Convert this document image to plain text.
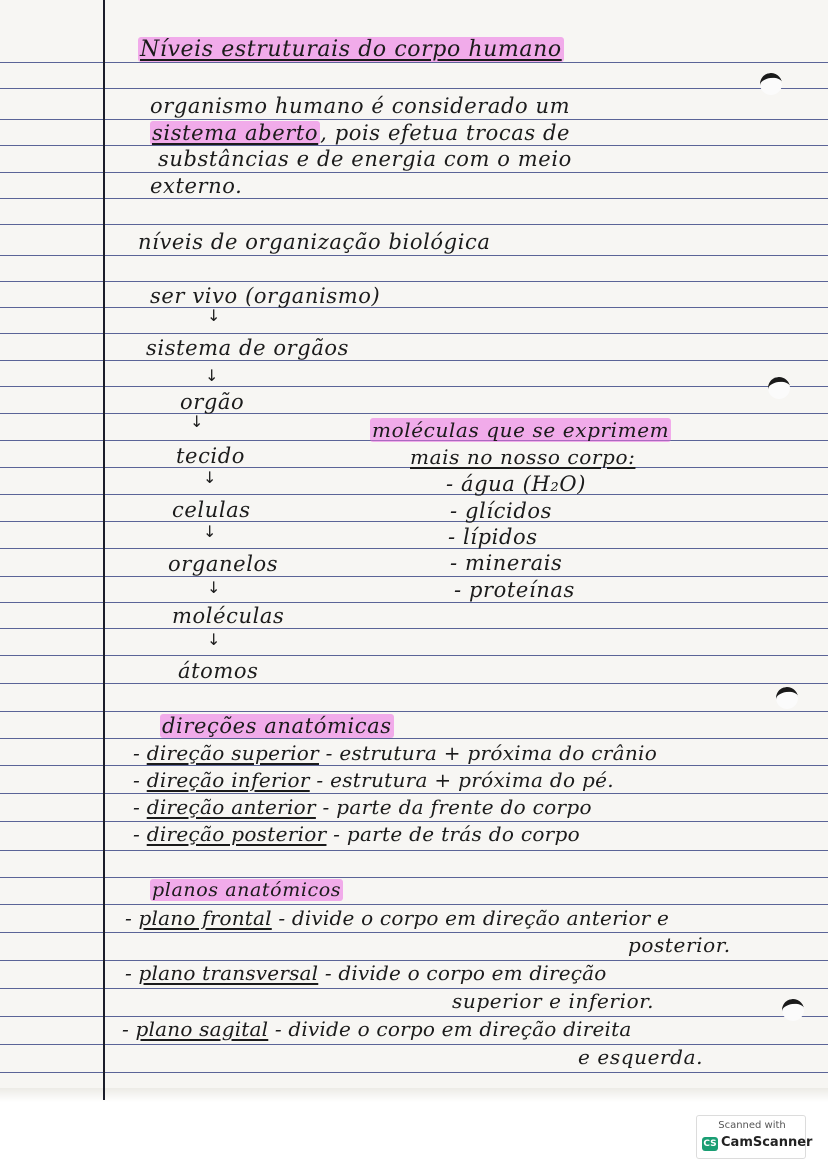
Níveis estruturais do corpo humano
organismo humano é considerado um
sistema aberto, pois efetua trocas de
substâncias e de energia com o meio
externo.
níveis de organização biológica
ser vivo (organismo)
↓
sistema de orgãos
↓
orgão
↓
tecido
↓
celulas
↓
organelos
↓
moléculas
↓
átomos
moléculas que se exprimem
mais no nosso corpo:
- água (H₂O)
- glícidos
- lípidos
- minerais
- proteínas
direções anatómicas
- direção superior - estrutura + próxima do crânio
- direção inferior - estrutura + próxima do pé.
- direção anterior - parte da frente do corpo
- direção posterior - parte de trás do corpo
planos anatómicos
- plano frontal - divide o corpo em direção anterior e
posterior.
- plano transversal - divide o corpo em direção
superior e inferior.
- plano sagital - divide o corpo em direção direita
e esquerda.
Scanned with
CS CamScanner
